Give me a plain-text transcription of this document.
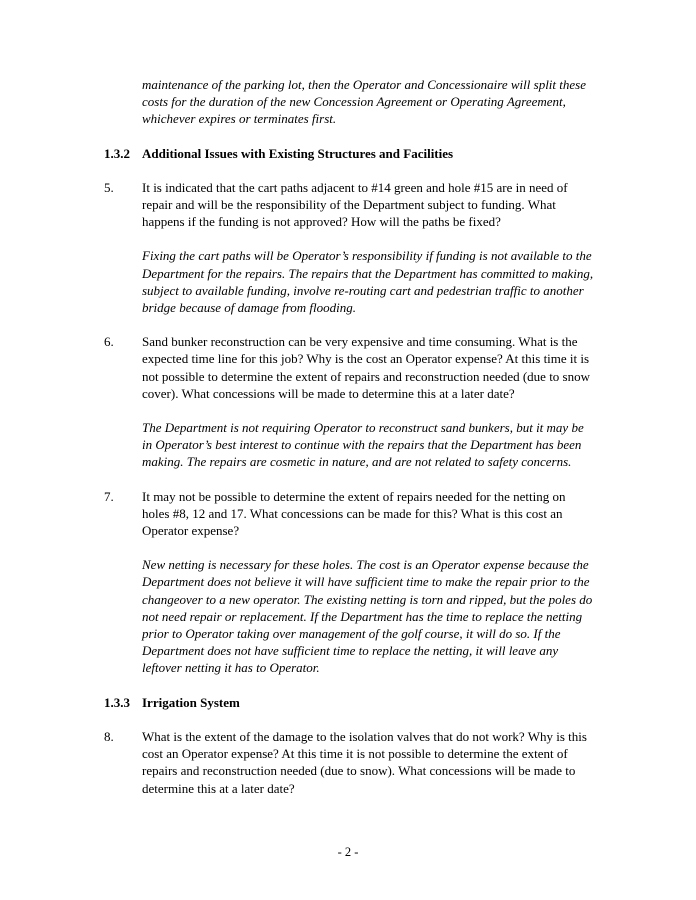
maintenance of the parking lot, then the Operator and Concessionaire will split these costs for the duration of the new Concession Agreement or Operating Agreement, whichever expires or terminates first.

1.3.2 Additional Issues with Existing Structures and Facilities
5.	It is indicated that the cart paths adjacent to #14 green and hole #15 are in need of repair and will be the responsibility of the Department subject to funding. What happens if the funding is not approved? How will the paths be fixed?

Fixing the cart paths will be Operator’s responsibility if funding is not available to the Department for the repairs. The repairs that the Department has committed to making, subject to available funding, involve re-routing cart and pedestrian traffic to another bridge because of damage from flooding.

6.	Sand bunker reconstruction can be very expensive and time consuming. What is the expected time line for this job? Why is the cost an Operator expense? At this time it is not possible to determine the extent of repairs and reconstruction needed (due to snow cover). What concessions will be made to determine this at a later date?

The Department is not requiring Operator to reconstruct sand bunkers, but it may be in Operator’s best interest to continue with the repairs that the Department has been making. The repairs are cosmetic in nature, and are not related to safety concerns.

7.	It may not be possible to determine the extent of repairs needed for the netting on holes #8, 12 and 17. What concessions can be made for this? What is this cost an Operator expense?

New netting is necessary for these holes. The cost is an Operator expense because the Department does not believe it will have sufficient time to make the repair prior to the changeover to a new operator. The existing netting is torn and ripped, but the poles do not need repair or replacement. If the Department has the time to replace the netting prior to Operator taking over management of the golf course, it will do so. If the Department does not have sufficient time to replace the netting, it will leave any leftover netting it has to Operator.

1.3.3 Irrigation System
8.	What is the extent of the damage to the isolation valves that do not work? Why is this cost an Operator expense? At this time it is not possible to determine the extent of repairs and reconstruction needed (due to snow). What concessions will be made to determine this at a later date?

- 2 -
